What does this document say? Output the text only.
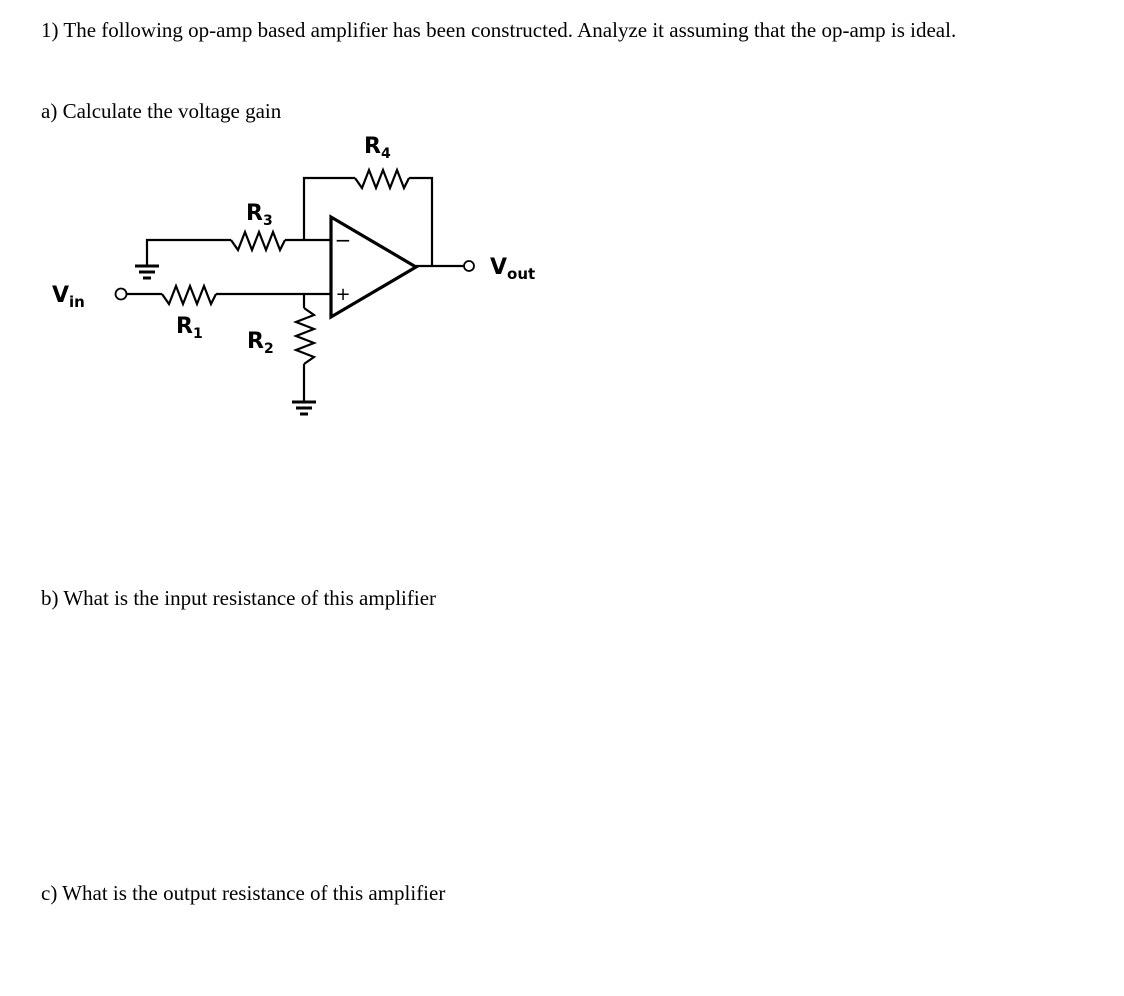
1) The following op-amp based amplifier has been constructed. Analyze it assuming that the op-amp is ideal.

a) Calculate the voltage gain

−
+
R4
R3
R1 R2
Vin
Vout

b) What is the input resistance of this amplifier

c) What is the output resistance of this amplifier
